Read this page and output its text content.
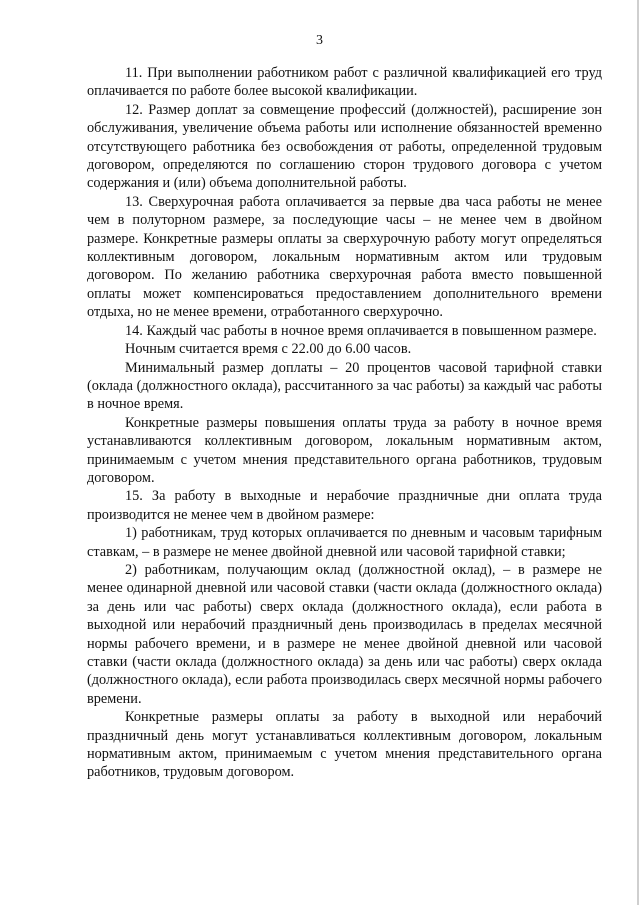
3

11. При выполнении работником работ с различной квалификацией его труд оплачивается по работе более высокой квалификации.

12. Размер доплат за совмещение профессий (должностей), расширение зон обслуживания, увеличение объема работы или исполнение обязанностей временно отсутствующего работника без освобождения от работы, определенной трудовым договором, определяются по соглашению сторон трудового договора с учетом содержания и (или) объема дополнительной работы.

13. Сверхурочная работа оплачивается за первые два часа работы не менее чем в полуторном размере, за последующие часы – не менее чем в двойном размере. Конкретные размеры оплаты за сверхурочную работу могут определяться коллективным договором, локальным нормативным актом или трудовым договором. По желанию работника сверхурочная работа вместо повышенной оплаты может компенсироваться предоставлением дополнительного времени отдыха, но не менее времени, отработанного сверхурочно.

14. Каждый час работы в ночное время оплачивается в повышенном размере.

Ночным считается время с 22.00 до 6.00 часов.

Минимальный размер доплаты – 20 процентов часовой тарифной ставки (оклада (должностного оклада), рассчитанного за час работы) за каждый час работы в ночное время.

Конкретные размеры повышения оплаты труда за работу в ночное время устанавливаются коллективным договором, локальным нормативным актом, принимаемым с учетом мнения представительного органа работников, трудовым договором.

15. За работу в выходные и нерабочие праздничные дни оплата труда производится не менее чем в двойном размере:

1) работникам, труд которых оплачивается по дневным и часовым тарифным ставкам, – в размере не менее двойной дневной или часовой тарифной ставки;

2) работникам, получающим оклад (должностной оклад), – в размере не менее одинарной дневной или часовой ставки (части оклада (должностного оклада) за день или час работы) сверх оклада (должностного оклада), если работа в выходной или нерабочий праздничный день производилась в пределах месячной нормы рабочего времени, и в размере не менее двойной дневной или часовой ставки (части оклада (должностного оклада) за день или час работы) сверх оклада (должностного оклада), если работа производилась сверх месячной нормы рабочего времени.

Конкретные размеры оплаты за работу в выходной или нерабочий праздничный день могут устанавливаться коллективным договором, локальным нормативным актом, принимаемым с учетом мнения представительного органа работников, трудовым договором.
